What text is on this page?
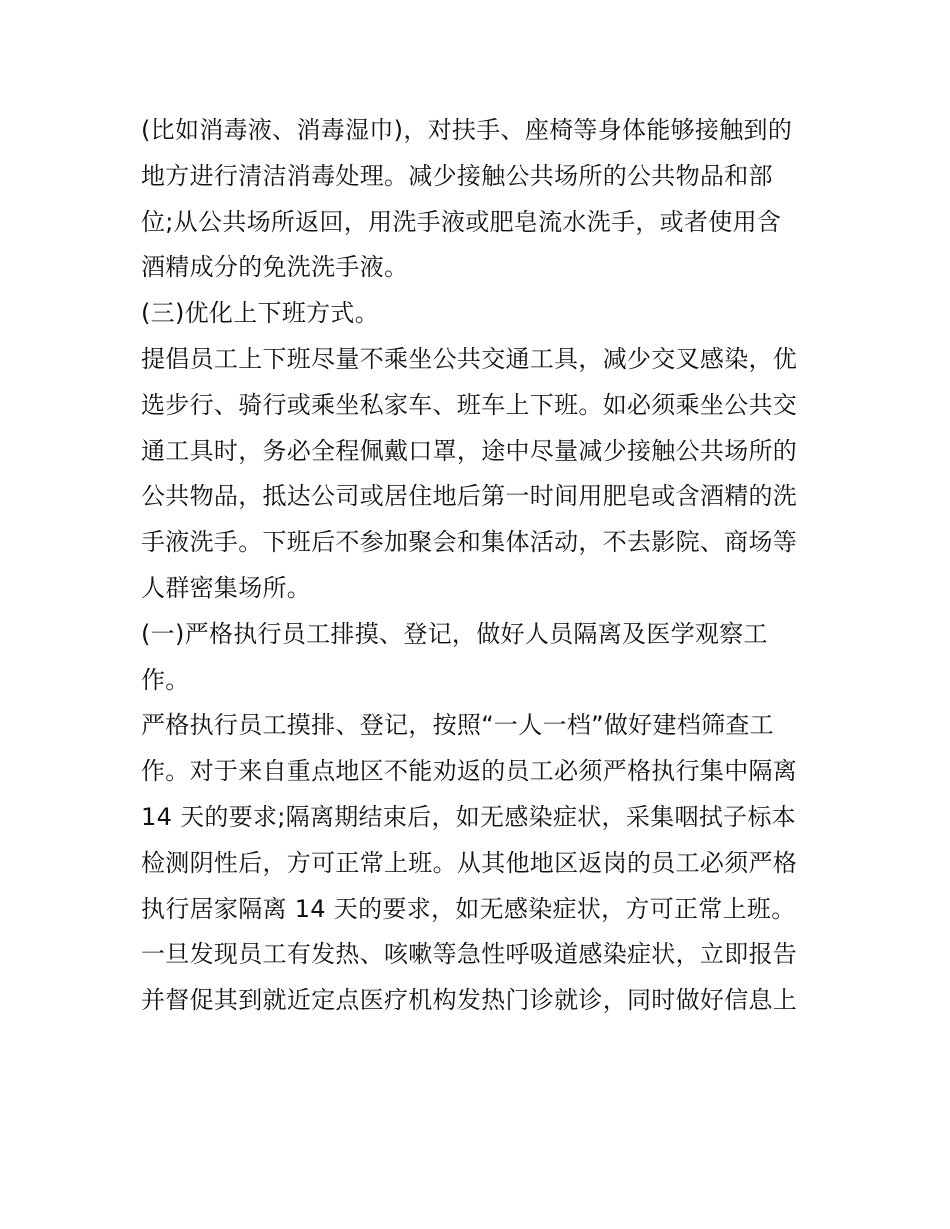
(比如消毒液、消毒湿巾)，对扶手、座椅等身体能够接触到的
地方进行清洁消毒处理。减少接触公共场所的公共物品和部
位;从公共场所返回，用洗手液或肥皂流水洗手，或者使用含
酒精成分的免洗洗手液。
(三)优化上下班方式。
提倡员工上下班尽量不乘坐公共交通工具，减少交叉感染，优
选步行、骑行或乘坐私家车、班车上下班。如必须乘坐公共交
通工具时，务必全程佩戴口罩，途中尽量减少接触公共场所的
公共物品，抵达公司或居住地后第一时间用肥皂或含酒精的洗
手液洗手。下班后不参加聚会和集体活动，不去影院、商场等
人群密集场所。
(一)严格执行员工排摸、登记，做好人员隔离及医学观察工
作。
严格执行员工摸排、登记，按照“一人一档”做好建档筛查工
作。对于来自重点地区不能劝返的员工必须严格执行集中隔离
14 天的要求;隔离期结束后，如无感染症状，采集咽拭子标本
检测阴性后，方可正常上班。从其他地区返岗的员工必须严格
执行居家隔离 14 天的要求，如无感染症状，方可正常上班。
一旦发现员工有发热、咳嗽等急性呼吸道感染症状，立即报告
并督促其到就近定点医疗机构发热门诊就诊，同时做好信息上
